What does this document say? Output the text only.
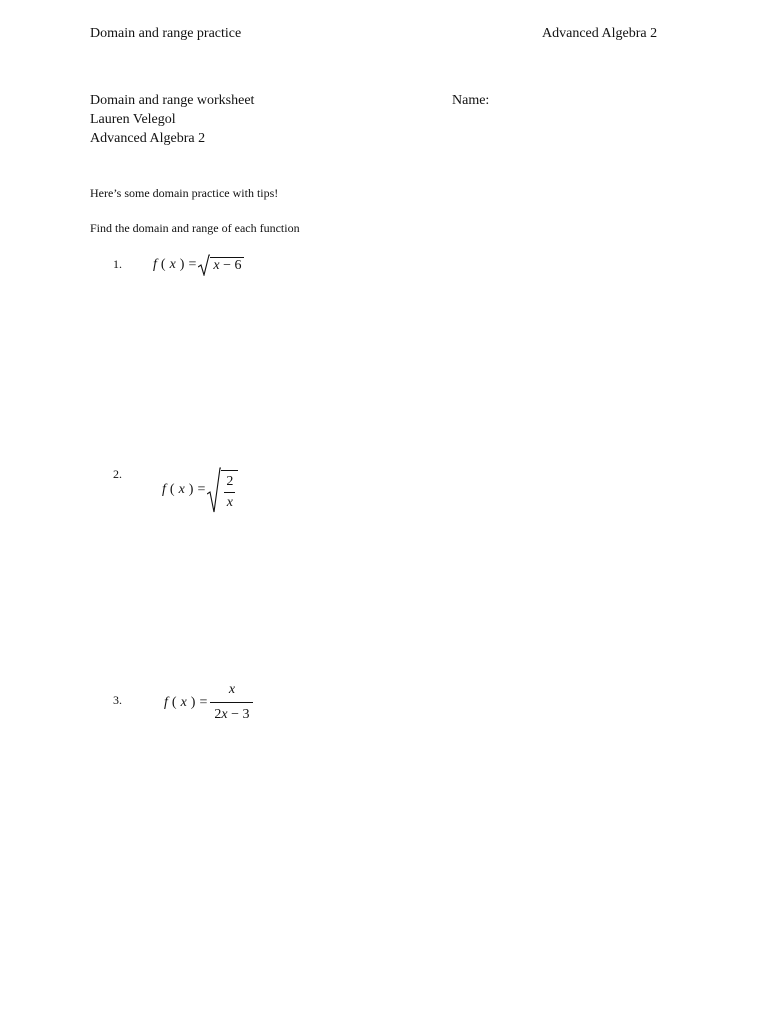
Domain and range practice	Advanced Algebra 2
Domain and range worksheet	Name:
Lauren Velegol
Advanced Algebra 2
Here’s some domain practice with tips!
Find the domain and range of each function
1. f ( x ) = x − 6
2.
f ( x ) = $\frac{2}{x}$
3.	f ( x ) = $\frac{x}{2x - 3}$
